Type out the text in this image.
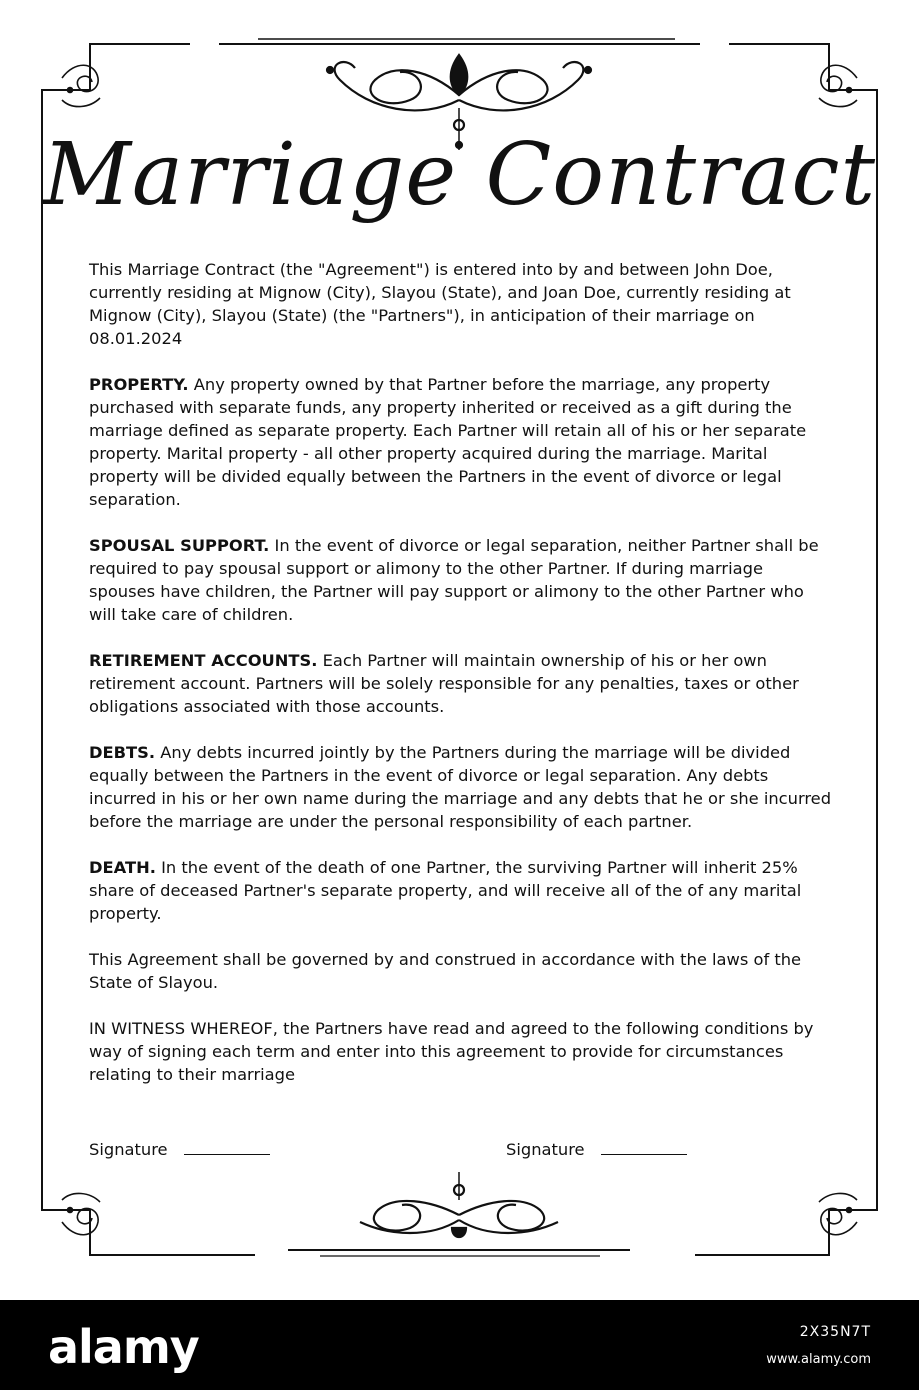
Marriage Contract

This Marriage Contract (the "Agreement") is entered into by and between John Doe, currently residing at Mignow (City), Slayou (State), and Joan Doe, currently residing at Mignow (City), Slayou (State) (the "Partners"), in anticipation of their marriage on 08.01.2024

PROPERTY. Any property owned by that Partner before the marriage, any property purchased with separate funds, any property inherited or received as a gift during the marriage defined as separate property. Each Partner will retain all of his or her separate property. Marital property - all other property acquired during the marriage. Marital property will be divided equally between the Partners in the event of divorce or legal separation.

SPOUSAL SUPPORT. In the event of divorce or legal separation, neither Partner shall be required to pay spousal support or alimony to the other Partner. If during marriage spouses have children, the Partner will pay support or alimony to the other Partner who will take care of children.

RETIREMENT ACCOUNTS. Each Partner will maintain ownership of his or her own retirement account. Partners will be solely responsible for any penalties, taxes or other obligations associated with those accounts.

DEBTS. Any debts incurred jointly by the Partners during the marriage will be divided equally between the Partners in the event of divorce or legal separation. Any debts incurred in his or her own name during the marriage and any debts that he or she incurred before the marriage are under the personal responsibility of each partner.

DEATH. In the event of the death of one Partner, the surviving Partner will inherit 25% share of deceased Partner's separate property, and will receive all of the of any marital property.

This Agreement shall be governed by and construed in accordance with the laws of the State of Slayou.

IN WITNESS WHEREOF, the Partners have read and agreed to the following conditions by way of signing each term and enter into this agreement to provide for circumstances relating to their marriage

Signature	Signature
alamy	2X35N7T
www.alamy.com
